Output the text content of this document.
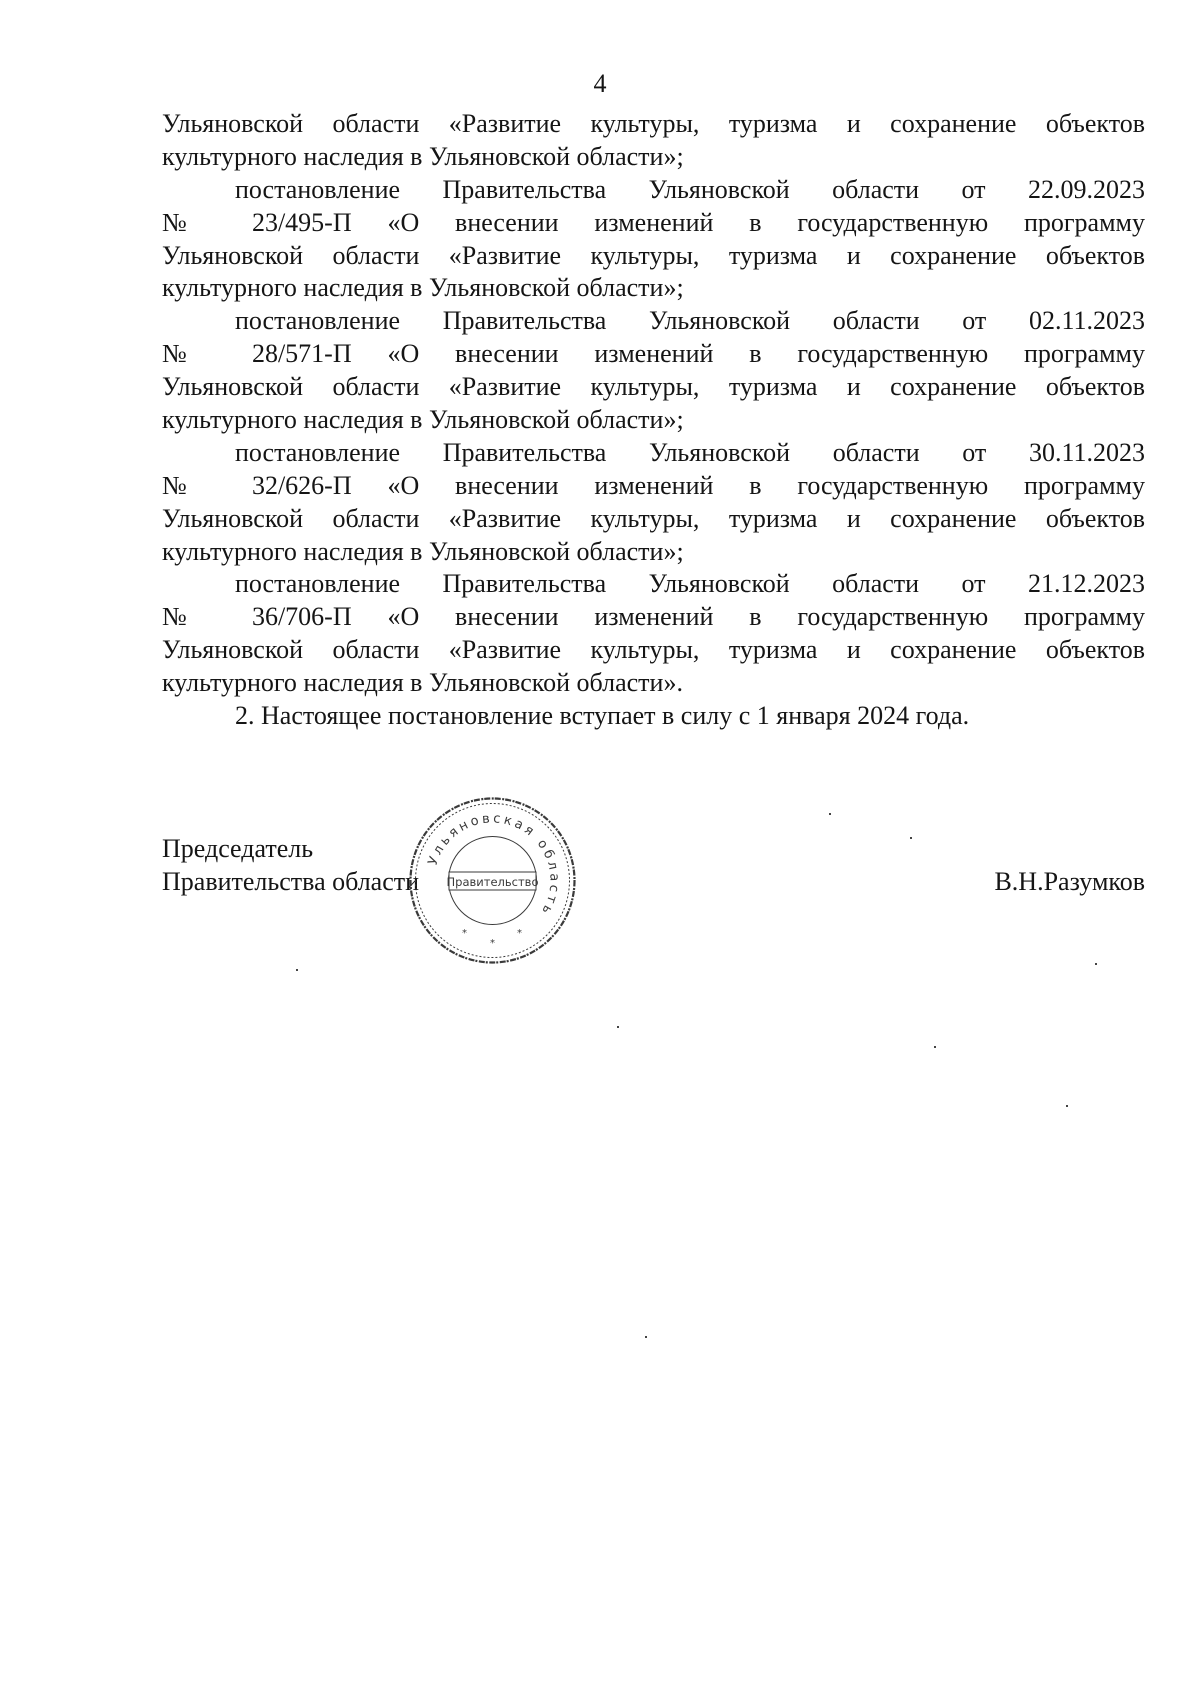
4
Ульяновской области «Развитие культуры, туризма и сохранение объектов
культурного наследия в Ульяновской области»;
постановление Правительства Ульяновской области от 22.09.2023
№ 23/495-П «О внесении изменений в государственную программу
Ульяновской области «Развитие культуры, туризма и сохранение объектов
культурного наследия в Ульяновской области»;
постановление Правительства Ульяновской области от 02.11.2023
№ 28/571-П «О внесении изменений в государственную программу
Ульяновской области «Развитие культуры, туризма и сохранение объектов
культурного наследия в Ульяновской области»;
постановление Правительства Ульяновской области от 30.11.2023
№ 32/626-П «О внесении изменений в государственную программу
Ульяновской области «Развитие культуры, туризма и сохранение объектов
культурного наследия в Ульяновской области»;
постановление Правительства Ульяновской области от 21.12.2023
№ 36/706-П «О внесении изменений в государственную программу
Ульяновской области «Развитие культуры, туризма и сохранение объектов
культурного наследия в Ульяновской области».
2. Настоящее постановление вступает в силу с 1 января 2024 года.
Председатель
Правительства области	В.Н.Разумков
Ульяновская область
Правительство
*
*
*
